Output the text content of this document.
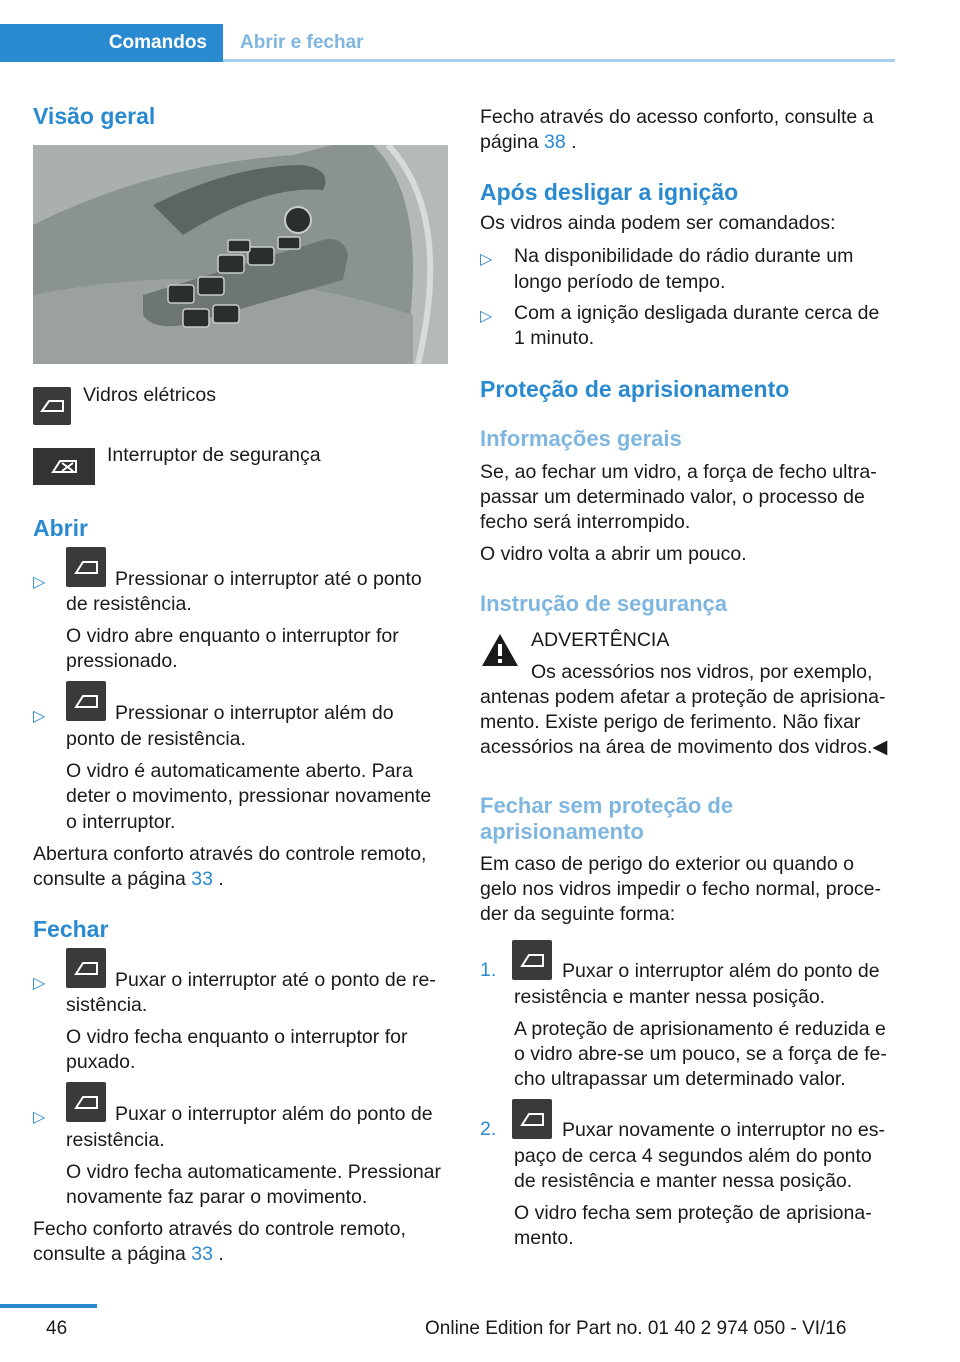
Comandos	Abrir e fechar
Visão geral
Vidros elétricos
Interruptor de segurança
Abrir
▷	Pressionar o interruptor até o ponto
de resistência.
O vidro abre enquanto o interruptor for
pressionado.
▷	Pressionar o interruptor além do
ponto de resistência.
O vidro é automaticamente aberto. Para
deter o movimento, pressionar novamente
o interruptor.
Abertura conforto através do controle remoto,
consulte a página 33 .
Fechar
▷	Puxar o interruptor até o ponto de re‐
sistência.
O vidro fecha enquanto o interruptor for
puxado.
▷	Puxar o interruptor além do ponto de
resistência.
O vidro fecha automaticamente. Pressionar
novamente faz parar o movimento.
Fecho conforto através do controle remoto,
consulte a página 33 .
Fecho através do acesso conforto, consulte a
página 38 .
Após desligar a ignição
Os vidros ainda podem ser comandados:
▷ Na disponibilidade do rádio durante um
longo período de tempo.
▷ Com a ignição desligada durante cerca de
1 minuto.
Proteção de aprisionamento
Informações gerais
Se, ao fechar um vidro, a força de fecho ultra‐
passar um determinado valor, o processo de
fecho será interrompido.
O vidro volta a abrir um pouco.
Instrução de segurança
ADVERTÊNCIA
Os acessórios nos vidros, por exemplo,
antenas podem afetar a proteção de aprisiona‐
mento. Existe perigo de ferimento. Não fixar
acessórios na área de movimento dos vidros.◀
Fechar sem proteção de
aprisionamento
Em caso de perigo do exterior ou quando o
gelo nos vidros impedir o fecho normal, proce‐
der da seguinte forma:
1.	Puxar o interruptor além do ponto de
resistência e manter nessa posição.
A proteção de aprisionamento é reduzida e
o vidro abre-se um pouco, se a força de fe‐
cho ultrapassar um determinado valor.
2.	Puxar novamente o interruptor no es‐
paço de cerca 4 segundos além do ponto
de resistência e manter nessa posição.
O vidro fecha sem proteção de aprisiona‐
mento.
46	Online Edition for Part no. 01 40 2 974 050 - VI/16
